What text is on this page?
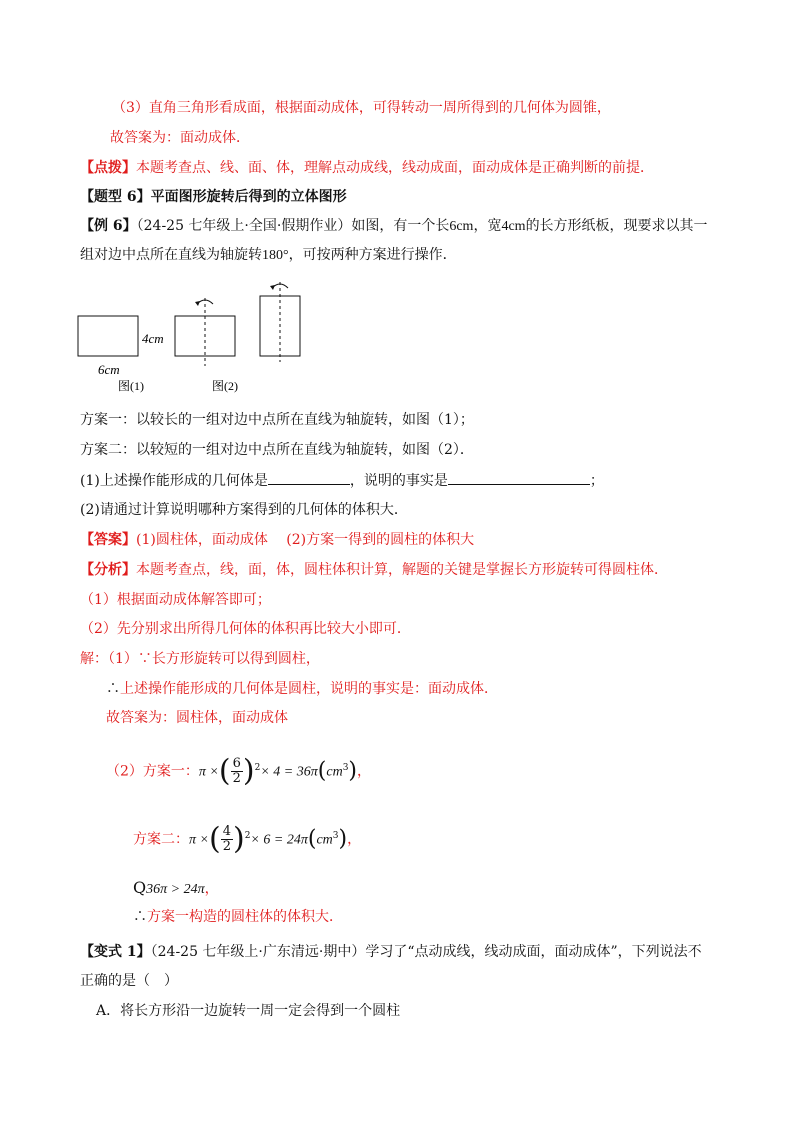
（3）直角三角形看成面，根据面动成体，可得转动一周所得到的几何体为圆锥，
故答案为：面动成体．
【点拨】本题考查点、线、面、体，理解点动成线，线动成面，面动成体是正确判断的前提．
【题型 6】平面图形旋转后得到的立体图形
【例 6】（24-25 七年级上·全国·假期作业）如图，有一个长6cm，宽4cm的长方形纸板，现要求以其一
组对边中点所在直线为轴旋转180°，可按两种方案进行操作．
4cm
6cm
图(1)	图(2)
方案一：以较长的一组对边中点所在直线为轴旋转，如图（1）；
方案二：以较短的一组对边中点所在直线为轴旋转，如图（2）．
(1)上述操作能形成的几何体是	，说明的事实是	；
(2)请通过计算说明哪种方案得到的几何体的体积大．
【答案】(1)圆柱体，面动成体　 (2)方案一得到的圆柱的体积大
【分析】本题考查点，线，面，体，圆柱体积计算，解题的关键是掌握长方形旋转可得圆柱体．
（1）根据面动成体解答即可；
（2）先分别求出所得几何体的体积再比较大小即可．
解：（1）∵长方形旋转可以得到圆柱，
∴上述操作能形成的几何体是圆柱，说明的事实是：面动成体．
故答案为：圆柱体，面动成体
（2）方案一：π ×( $\frac{6}{2} )^2\times 4 = 36\pi(cm^3)$，
方案二：π ×( $\frac{4}{2} )^2\times 6 = 24\pi(cm^3)$，
Q36π > 24π，
∴方案一构造的圆柱体的体积大．
【变式 1】（24-25 七年级上·广东清远·期中）学习了“点动成线，线动成面，面动成体”，下列说法不
正确的是（　）
A．将长方形沿一边旋转一周一定会得到一个圆柱
